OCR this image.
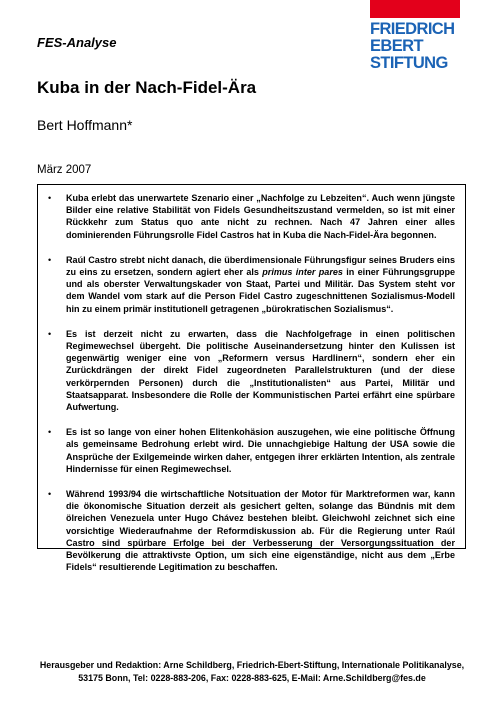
FES-Analyse
FRIEDRICH
EBERT
STIFTUNG
Kuba in der Nach-Fidel-Ära
Bert Hoffmann*
März 2007
• Kuba erlebt das unerwartete Szenario einer „Nachfolge zu Lebzeiten“. Auch wenn jüngste Bilder eine relative Stabilität von Fidels Gesundheitszustand vermelden, so ist mit einer Rückkehr zum Status quo ante nicht zu rechnen. Nach 47 Jahren einer alles dominierenden Führungsrolle Fidel Castros hat in Kuba die Nach-Fidel-Ära begonnen.
• Raúl Castro strebt nicht danach, die überdimensionale Führungsfigur seines Bruders eins zu eins zu ersetzen, sondern agiert eher als primus inter pares in einer Führungsgruppe und als oberster Verwaltungskader von Staat, Partei und Militär. Das System steht vor dem Wandel vom stark auf die Person Fidel Castro zugeschnittenen Sozialismus-Modell hin zu einem primär institutionell getragenen „bürokratischen Sozialismus“.
• Es ist derzeit nicht zu erwarten, dass die Nachfolgefrage in einen politischen Regimewechsel übergeht. Die politische Auseinandersetzung hinter den Kulissen ist gegenwärtig weniger eine von „Reformern versus Hardlinern“, sondern eher ein Zurückdrängen der direkt Fidel zugeordneten Parallelstrukturen (und der diese verkörpernden Personen) durch die „Institutionalisten“ aus Partei, Militär und Staatsapparat. Insbesondere die Rolle der Kommunistischen Partei erfährt eine spürbare Aufwertung.
• Es ist so lange von einer hohen Elitenkohäsion auszugehen, wie eine politische Öffnung als gemeinsame Bedrohung erlebt wird. Die unnachgiebige Haltung der USA sowie die Ansprüche der Exilgemeinde wirken daher, entgegen ihrer erklärten Intention, als zentrale Hindernisse für einen Regimewechsel.
• Während 1993/94 die wirtschaftliche Notsituation der Motor für Marktreformen war, kann die ökonomische Situation derzeit als gesichert gelten, solange das Bündnis mit dem ölreichen Venezuela unter Hugo Chávez bestehen bleibt. Gleichwohl zeichnet sich eine vorsichtige Wiederaufnahme der Reformdiskussion ab. Für die Regierung unter Raúl Castro sind spürbare Erfolge bei der Verbesserung der Versorgungssituation der Bevölkerung die attraktivste Option, um sich eine eigenständige, nicht aus dem „Erbe Fidels“ resultierende Legitimation zu beschaffen.
Herausgeber und Redaktion: Arne Schildberg, Friedrich-Ebert-Stiftung, Internationale Politikanalyse,
53175 Bonn, Tel: 0228-883-206, Fax: 0228-883-625, E-Mail: Arne.Schildberg@fes.de
